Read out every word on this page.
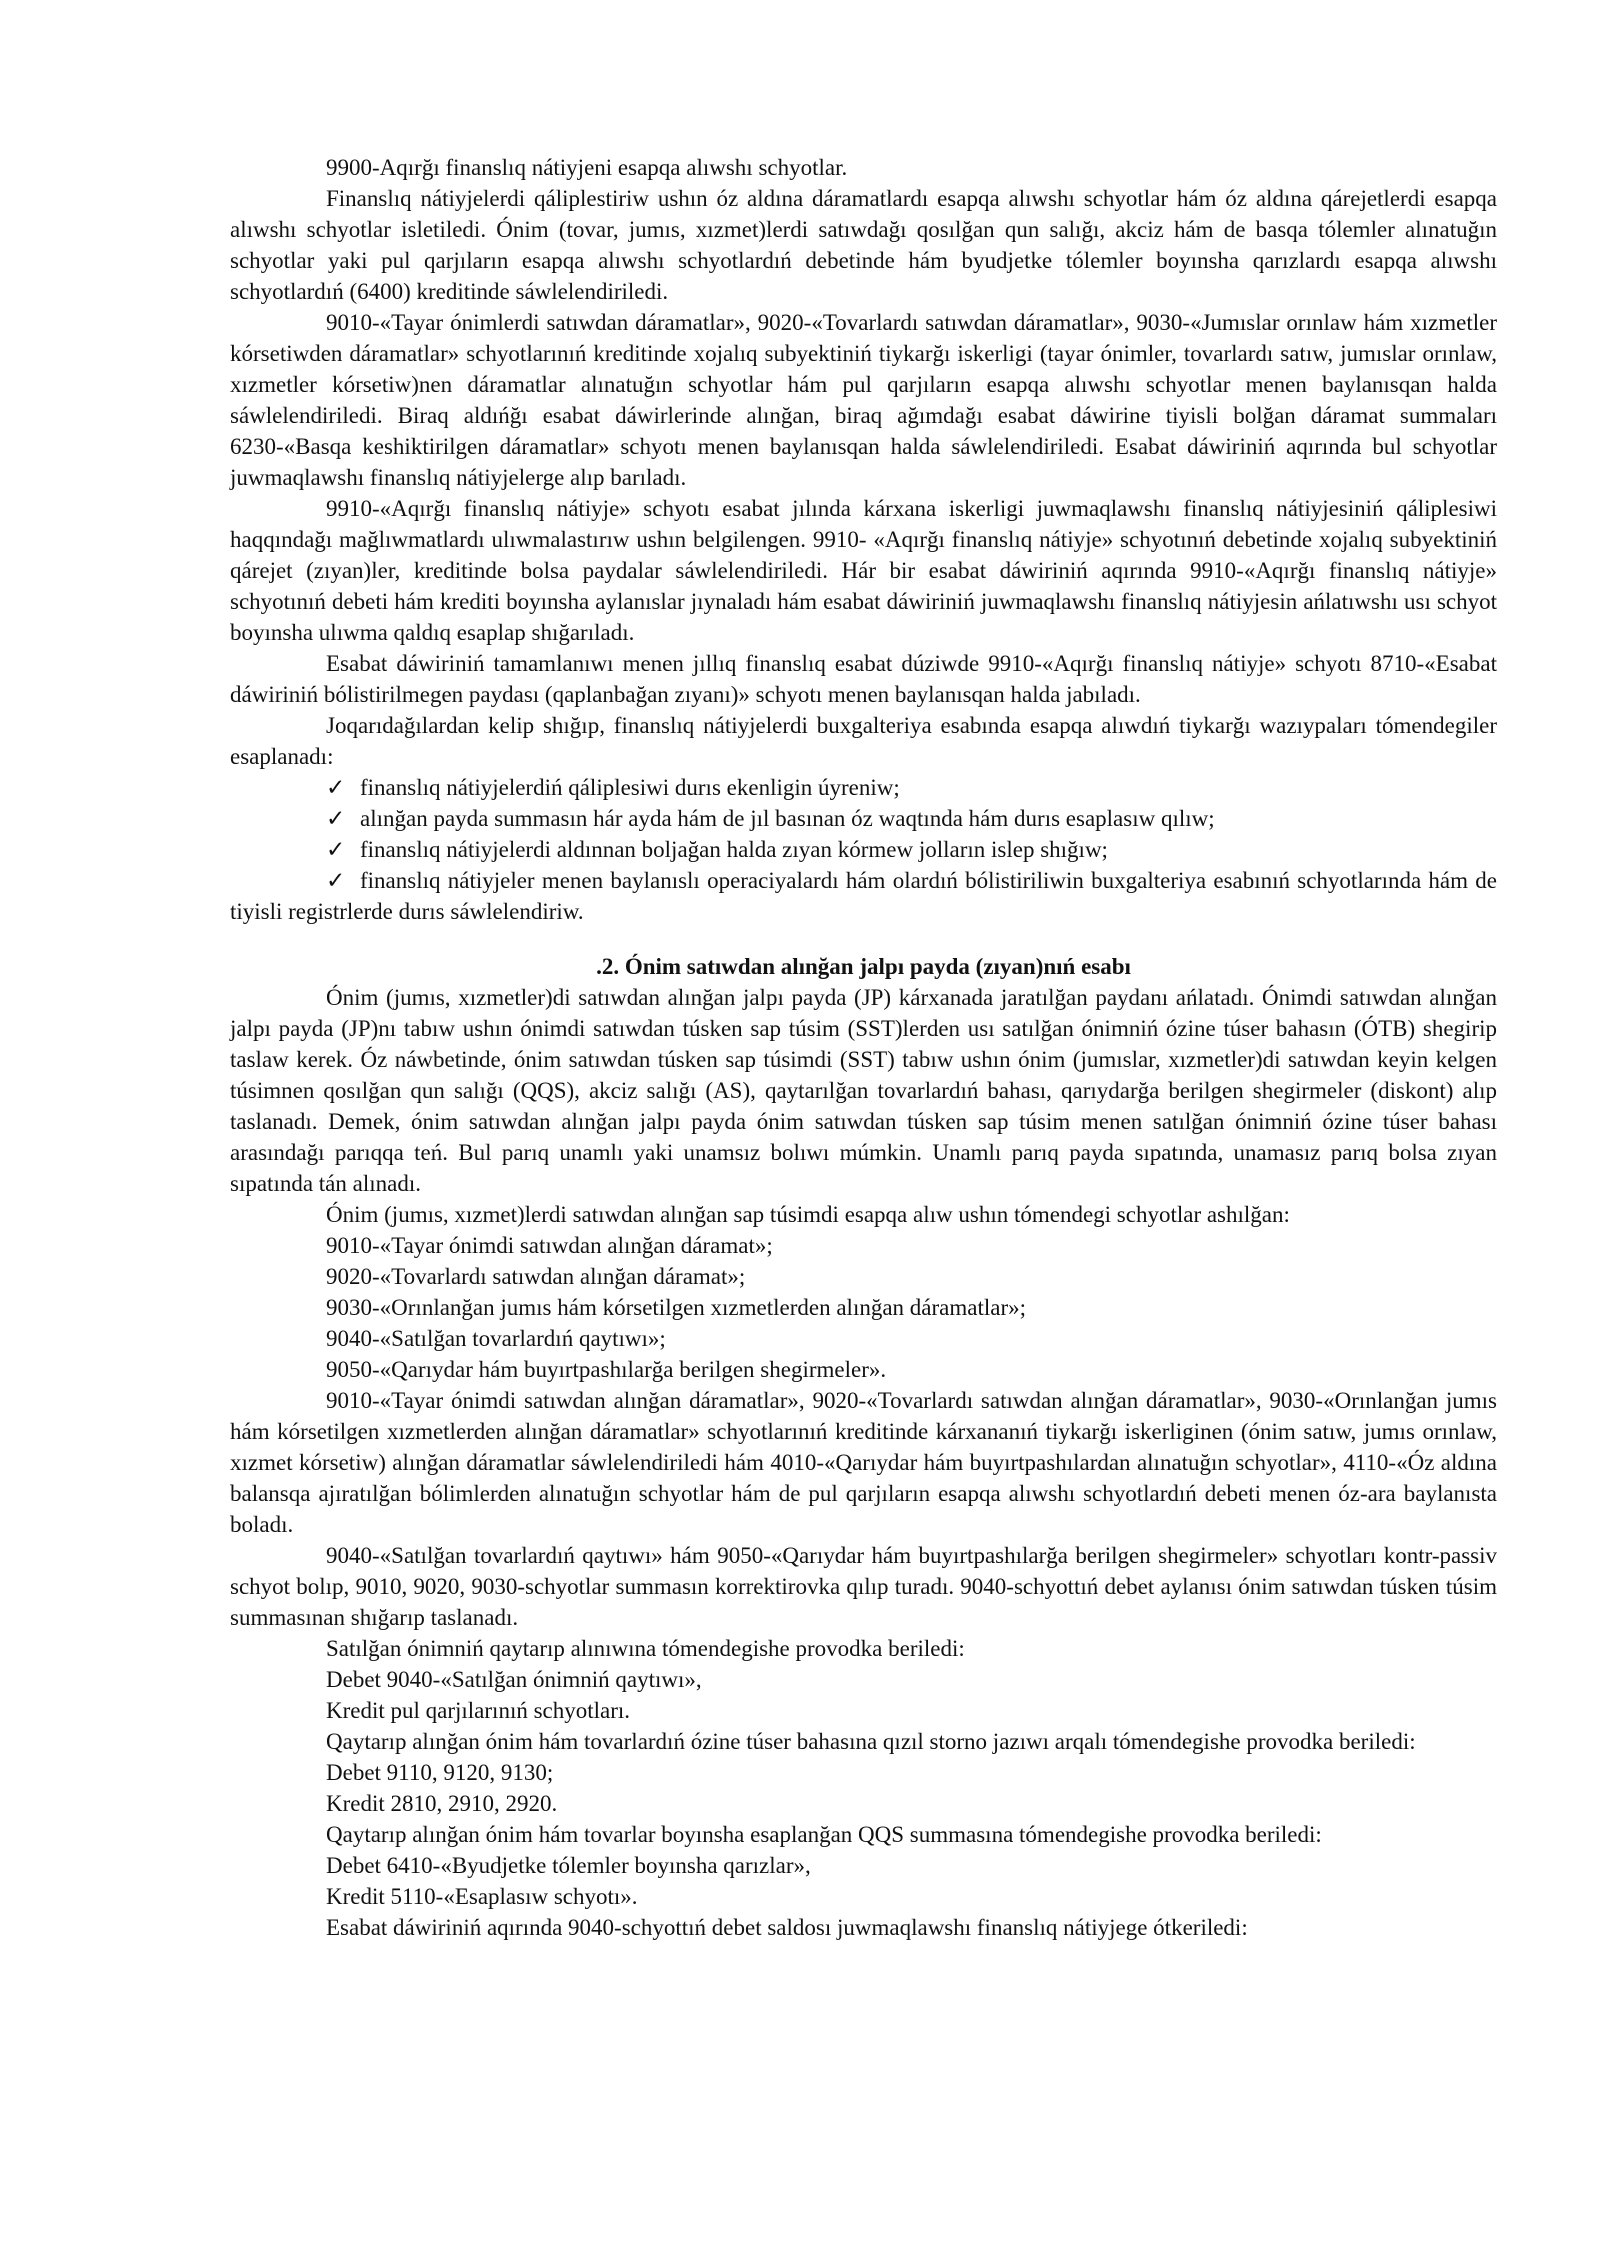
9900-Aqırğı finanslıq nátiyjeni esapqa alıwshı schyotlar.

Finanslıq nátiyjelerdi qáliplestiriw ushın óz aldına dáramatlardı esapqa alıwshı schyotlar hám óz aldına qárejetlerdi esapqa alıwshı schyotlar isletiledi. Ónim (tovar, jumıs, xızmet)lerdi satıwdağı qosılğan qun salığı, akciz hám de basqa tólemler alınatuğın schyotlar yaki pul qarjıların esapqa alıwshı schyotlardıń debetinde hám byudjetke tólemler boyınsha qarızlardı esapqa alıwshı schyotlardıń (6400) kreditinde sáwlelendiriledi.

9010-«Tayar ónimlerdi satıwdan dáramatlar», 9020-«Tovarlardı satıwdan dáramatlar», 9030-«Jumıslar orınlaw hám xızmetler kórsetiwden dáramatlar» schyotlarınıń kreditinde xojalıq subyektiniń tiykarğı iskerligi (tayar ónimler, tovarlardı satıw, jumıslar orınlaw, xızmetler kórsetiw)nen dáramatlar alınatuğın schyotlar hám pul qarjıların esapqa alıwshı schyotlar menen baylanısqan halda sáwlelendiriledi. Biraq aldıńğı esabat dáwirlerinde alınğan, biraq ağımdağı esabat dáwirine tiyisli bolğan dáramat summaları 6230-«Basqa keshiktirilgen dáramatlar» schyotı menen baylanısqan halda sáwlelendiriledi. Esabat dáwiriniń aqırında bul schyotlar juwmaqlawshı finanslıq nátiyjelerge alıp barıladı.

9910-«Aqırğı finanslıq nátiyje» schyotı esabat jılında kárxana iskerligi juwmaqlawshı finanslıq nátiyjesiniń qáliplesiwi haqqındağı mağlıwmatlardı ulıwmalastırıw ushın belgilengen. 9910- «Aqırğı finanslıq nátiyje» schyotınıń debetinde xojalıq subyektiniń qárejet (zıyan)ler, kreditinde bolsa paydalar sáwlelendiriledi. Hár bir esabat dáwiriniń aqırında 9910-«Aqırğı finanslıq nátiyje» schyotınıń debeti hám krediti boyınsha aylanıslar jıynaladı hám esabat dáwiriniń juwmaqlawshı finanslıq nátiyjesin ańlatıwshı usı schyot boyınsha ulıwma qaldıq esaplap shığarıladı.

Esabat dáwiriniń tamamlanıwı menen jıllıq finanslıq esabat dúziwde 9910-«Aqırğı finanslıq nátiyje» schyotı 8710-«Esabat dáwiriniń bólistirilmegen paydası (qaplanbağan zıyanı)» schyotı menen baylanısqan halda jabıladı.

Joqarıdağılardan kelip shığıp, finanslıq nátiyjelerdi buxgalteriya esabında esapqa alıwdıń tiykarğı wazıypaları tómendegiler esaplanadı:

✓ finanslıq nátiyjelerdiń qáliplesiwi durıs ekenligin úyreniw;

✓ alınğan payda summasın hár ayda hám de jıl basınan óz waqtında hám durıs esaplasıw qılıw;

✓ finanslıq nátiyjelerdi aldınnan boljağan halda zıyan kórmew jolların islep shığıw;

✓ finanslıq nátiyjeler menen baylanıslı operaciyalardı hám olardıń bólistiriliwin buxgalteriya esabınıń schyotlarında hám de tiyisli registrlerde durıs sáwlelendiriw.

.2. Ónim satıwdan alınğan jalpı payda (zıyan)nıń esabı

Ónim (jumıs, xızmetler)di satıwdan alınğan jalpı payda (JP) kárxanada jaratılğan paydanı ańlatadı. Ónimdi satıwdan alınğan jalpı payda (JP)nı tabıw ushın ónimdi satıwdan túsken sap túsim (SST)lerden usı satılğan ónimniń ózine túser bahasın (ÓTB) shegirip taslaw kerek. Óz náwbetinde, ónim satıwdan túsken sap túsimdi (SST) tabıw ushın ónim (jumıslar, xızmetler)di satıwdan keyin kelgen túsimnen qosılğan qun salığı (QQS), akciz salığı (AS), qaytarılğan tovarlardıń bahası, qarıydarğa berilgen shegirmeler (diskont) alıp taslanadı. Demek, ónim satıwdan alınğan jalpı payda ónim satıwdan túsken sap túsim menen satılğan ónimniń ózine túser bahası arasındağı parıqqa teń. Bul parıq unamlı yaki unamsız bolıwı múmkin. Unamlı parıq payda sıpatında, unamasız parıq bolsa zıyan sıpatında tán alınadı.

Ónim (jumıs, xızmet)lerdi satıwdan alınğan sap túsimdi esapqa alıw ushın tómendegi schyotlar ashılğan:

9010-«Tayar ónimdi satıwdan alınğan dáramat»;

9020-«Tovarlardı satıwdan alınğan dáramat»;

9030-«Orınlanğan jumıs hám kórsetilgen xızmetlerden alınğan dáramatlar»;

9040-«Satılğan tovarlardıń qaytıwı»;

9050-«Qarıydar hám buyırtpashılarğa berilgen shegirmeler».

9010-«Tayar ónimdi satıwdan alınğan dáramatlar», 9020-«Tovarlardı satıwdan alınğan dáramatlar», 9030-«Orınlanğan jumıs hám kórsetilgen xızmetlerden alınğan dáramatlar» schyotlarınıń kreditinde kárxananıń tiykarğı iskerliginen (ónim satıw, jumıs orınlaw, xızmet kórsetiw) alınğan dáramatlar sáwlelendiriledi hám 4010-«Qarıydar hám buyırtpashılardan alınatuğın schyotlar», 4110-«Óz aldına balansqa ajıratılğan bólimlerden alınatuğın schyotlar hám de pul qarjıların esapqa alıwshı schyotlardıń debeti menen óz-ara baylanısta boladı.

9040-«Satılğan tovarlardıń qaytıwı» hám 9050-«Qarıydar hám buyırtpashılarğa berilgen shegirmeler» schyotları kontr-passiv schyot bolıp, 9010, 9020, 9030-schyotlar summasın korrektirovka qılıp turadı. 9040-schyottıń debet aylanısı ónim satıwdan túsken túsim summasınan shığarıp taslanadı.

Satılğan ónimniń qaytarıp alınıwına tómendegishe provodka beriledi:

Debet 9040-«Satılğan ónimniń qaytıwı»,

Kredit pul qarjılarınıń schyotları.

Qaytarıp alınğan ónim hám tovarlardıń ózine túser bahasına qızıl storno jazıwı arqalı tómendegishe provodka beriledi:

Debet 9110, 9120, 9130;

Kredit 2810, 2910, 2920.

Qaytarıp alınğan ónim hám tovarlar boyınsha esaplanğan QQS summasına tómendegishe provodka beriledi:

Debet 6410-«Byudjetke tólemler boyınsha qarızlar»,

Kredit 5110-«Esaplasıw schyotı».

Esabat dáwiriniń aqırında 9040-schyottıń debet saldosı juwmaqlawshı finanslıq nátiyjege ótkeriledi:
